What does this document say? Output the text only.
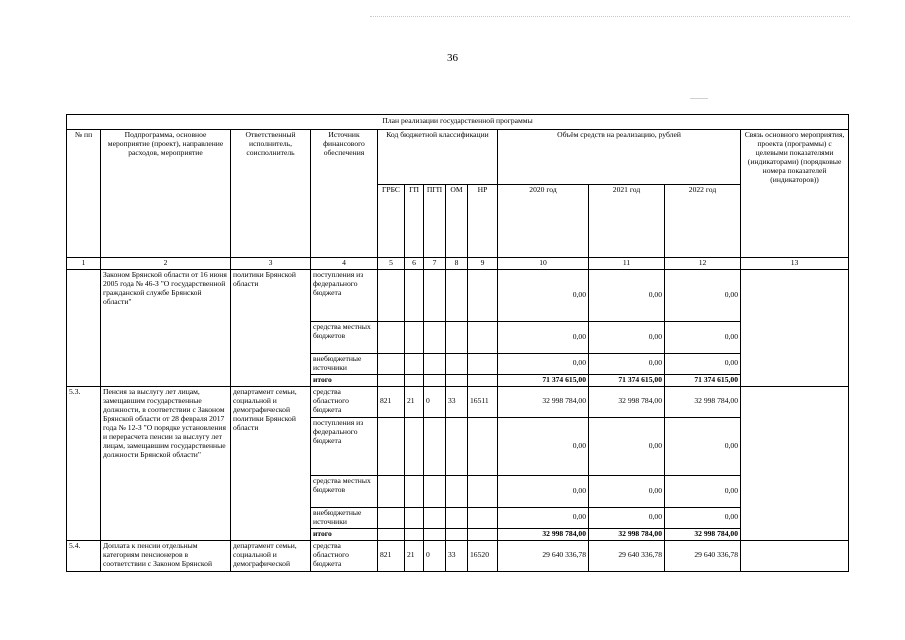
36
План реализации государственной программы												
№ пп	Подпрограмма, основное мероприятие (проект), направление расходов, мероприятие	Ответственный исполнитель, соисполнитель	Источник финансового обеспечения	Код бюджетной классификации					Объём средств на реализацию, рублей			Связь основного мероприятия, проекта (программы) с целевыми показателями (индикаторами) (порядковые номера показателей (индикаторов))
				ГРБС	ГП	ПГП	ОМ	НР	2020 год	2021 год	2022 год	
1	2	3	4	5	6	7	8	9	10	11	12	13
	Законом Брянской области от 16 июня 2005 года № 46-З "О государственной гражданской службе Брянской области"	политики Брянской области	поступления из федерального бюджета						0,00	0,00	0,00	
			средства местных бюджетов						0,00	0,00	0,00	
			внебюджетные источники						0,00	0,00	0,00	
			итого						71 374 615,00	71 374 615,00	71 374 615,00	
5.3.	Пенсия за выслугу лет лицам, замещавшим государственные должности, в соответствии с Законом Брянской области от 28 февраля 2017 года № 12-З "О порядке установления и перерасчета пенсии за выслугу лет лицам, замещавшим государственные должности Брянской области"	департамент семьи, социальной и демографической политики Брянской области	средства областного бюджета	821	21	0	33	16511	32 998 784,00	32 998 784,00	32 998 784,00	
			поступления из федерального бюджета						0,00	0,00	0,00	
			средства местных бюджетов						0,00	0,00	0,00	
			внебюджетные источники						0,00	0,00	0,00	
			итого						32 998 784,00	32 998 784,00	32 998 784,00	
5.4.	Доплата к пенсии отдельным категориям пенсионеров в соответствии с Законом Брянской	департамент семьи, социальной и демографической	средства областного бюджета	821	21	0	33	16520	29 640 336,78	29 640 336,78	29 640 336,78	
